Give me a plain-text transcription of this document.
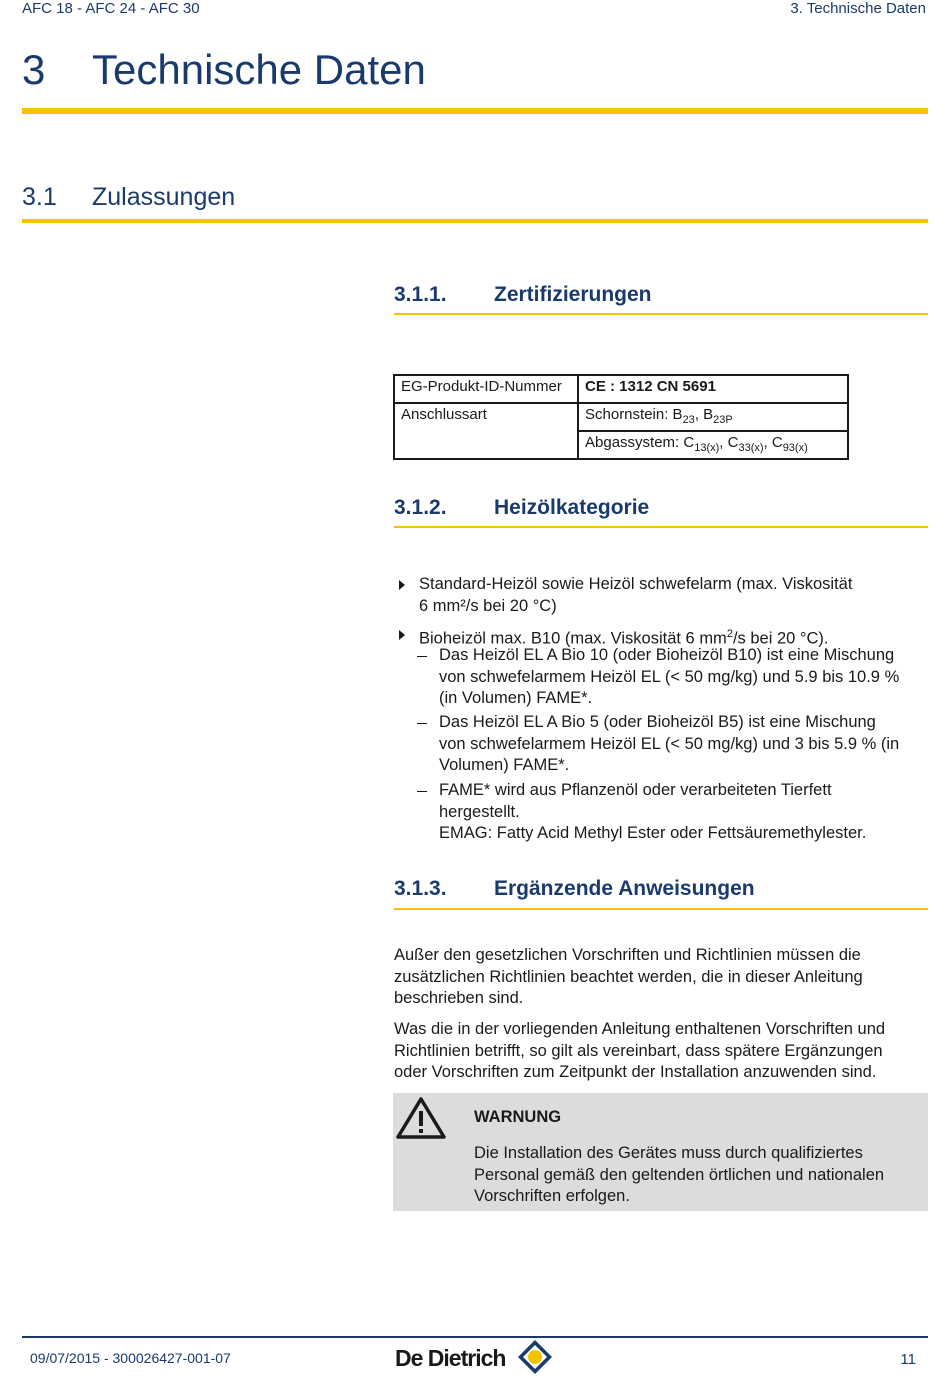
AFC 18 - AFC 24 - AFC 30	3. Technische Daten
3 Technische Daten
3.1 Zulassungen
3.1.1. Zertifizierungen
EG-Produkt-ID-Nummer	CE : 1312 CN 5691
Anschlussart	Schornstein: $B_{23}$, $B_{23P}$
	Abgassystem: $C_{13(x)}$, $C_{33(x)}$, $C_{93(x)}$
3.1.2. Heizölkategorie
Standard-Heizöl sowie Heizöl schwefelarm (max. Viskosität
6 mm²/s bei 20 °C)
Bioheizöl max. B10 (max. Viskosität 6 $mm^2/s$ bei 20 °C).
Das Heizöl EL A Bio 10 (oder Bioheizöl B10) ist eine Mischung
von schwefelarmem Heizöl EL (< 50 mg/kg) und 5.9 bis 10.9 %
(in Volumen) FAME*.
Das Heizöl EL A Bio 5 (oder Bioheizöl B5) ist eine Mischung
von schwefelarmem Heizöl EL (< 50 mg/kg) und 3 bis 5.9 % (in
Volumen) FAME*.
FAME* wird aus Pflanzenöl oder verarbeiteten Tierfett
hergestellt.
EMAG: Fatty Acid Methyl Ester oder Fettsäuremethylester.
3.1.3. Ergänzende Anweisungen
Außer den gesetzlichen Vorschriften und Richtlinien müssen die
zusätzlichen Richtlinien beachtet werden, die in dieser Anleitung
beschrieben sind.
Was die in der vorliegenden Anleitung enthaltenen Vorschriften und
Richtlinien betrifft, so gilt als vereinbart, dass spätere Ergänzungen
oder Vorschriften zum Zeitpunkt der Installation anzuwenden sind.
WARNUNG
Die Installation des Gerätes muss durch qualifiziertes
Personal gemäß den geltenden örtlichen und nationalen
Vorschriften erfolgen.
09/07/2015 - 300026427-001-07	De Dietrich	11
